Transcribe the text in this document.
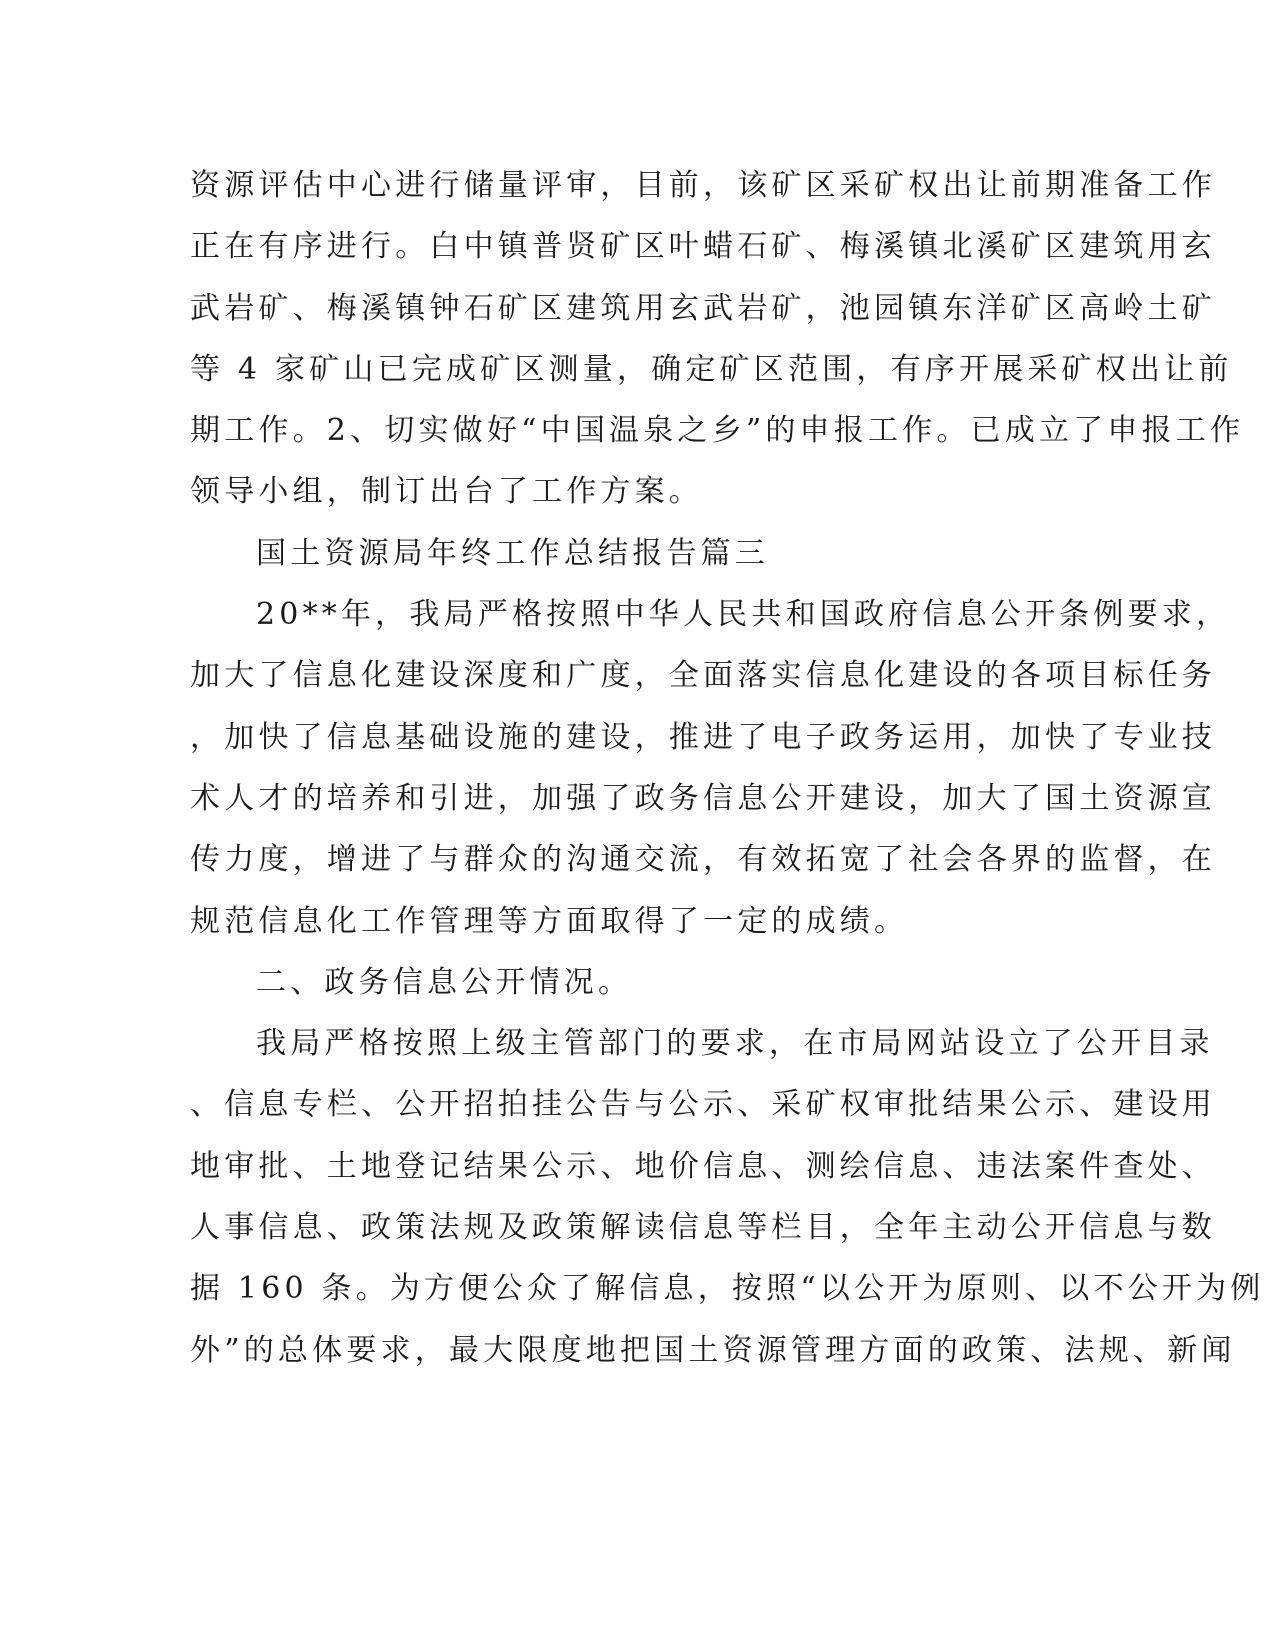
资源评估中心进行储量评审，目前，该矿区采矿权出让前期准备工作
正在有序进行。白中镇普贤矿区叶蜡石矿、梅溪镇北溪矿区建筑用玄
武岩矿、梅溪镇钟石矿区建筑用玄武岩矿，池园镇东洋矿区高岭土矿
等 4 家矿山已完成矿区测量，确定矿区范围，有序开展采矿权出让前
期工作。2、切实做好“中国温泉之乡”的申报工作。已成立了申报工作
领导小组，制订出台了工作方案。
国土资源局年终工作总结报告篇三
20**年，我局严格按照中华人民共和国政府信息公开条例要求，
加大了信息化建设深度和广度，全面落实信息化建设的各项目标任务
，加快了信息基础设施的建设，推进了电子政务运用，加快了专业技
术人才的培养和引进，加强了政务信息公开建设，加大了国土资源宣
传力度，增进了与群众的沟通交流，有效拓宽了社会各界的监督，在
规范信息化工作管理等方面取得了一定的成绩。
二、政务信息公开情况。
我局严格按照上级主管部门的要求，在市局网站设立了公开目录
、信息专栏、公开招拍挂公告与公示、采矿权审批结果公示、建设用
地审批、土地登记结果公示、地价信息、测绘信息、违法案件查处、
人事信息、政策法规及政策解读信息等栏目，全年主动公开信息与数
据 160 条。为方便公众了解信息，按照“以公开为原则、以不公开为例
外”的总体要求，最大限度地把国土资源管理方面的政策、法规、新闻
